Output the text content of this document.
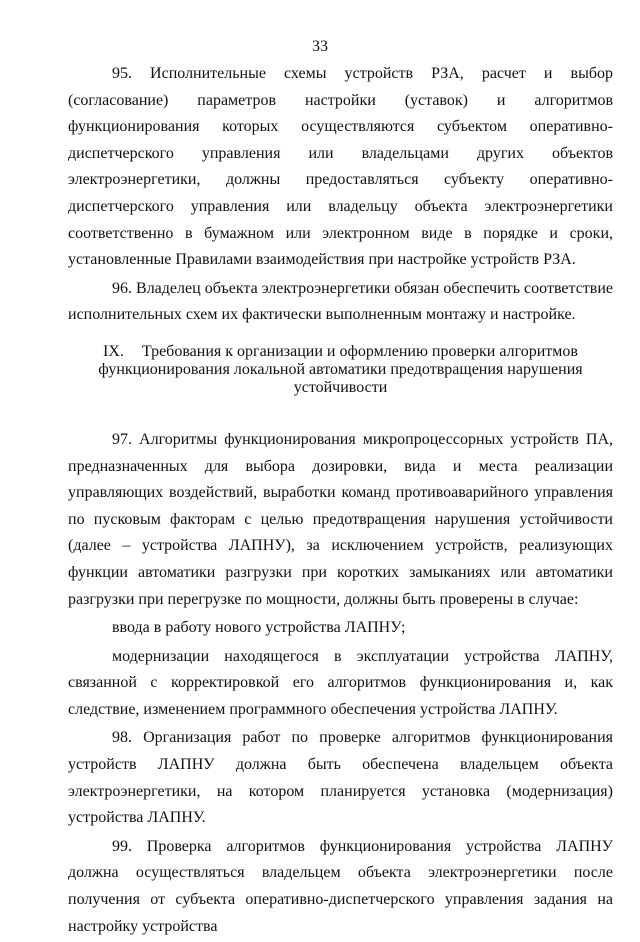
33

95. Исполнительные схемы устройств РЗА, расчет и выбор (согласование) параметров настройки (уставок) и алгоритмов функционирования которых осуществляются субъектом оперативно-диспетчерского управления или владельцами других объектов электроэнергетики, должны предоставляться субъекту оперативно-диспетчерского управления или владельцу объекта электроэнергетики соответственно в бумажном или электронном виде в порядке и сроки, установленные Правилами взаимодействия при настройке устройств РЗА.

96. Владелец объекта электроэнергетики обязан обеспечить соответствие исполнительных схем их фактически выполненным монтажу и настройке.

IX. Требования к организации и оформлению проверки алгоритмов
функционирования локальной автоматики предотвращения нарушения
устойчивости

97. Алгоритмы функционирования микропроцессорных устройств ПА, предназначенных для выбора дозировки, вида и места реализации управляющих воздействий, выработки команд противоаварийного управления по пусковым факторам с целью предотвращения нарушения устойчивости (далее – устройства ЛАПНУ), за исключением устройств, реализующих функции автоматики разгрузки при коротких замыканиях или автоматики разгрузки при перегрузке по мощности, должны быть проверены в случае:

ввода в работу нового устройства ЛАПНУ;

модернизации находящегося в эксплуатации устройства ЛАПНУ, связанной с корректировкой его алгоритмов функционирования и, как следствие, изменением программного обеспечения устройства ЛАПНУ.

98. Организация работ по проверке алгоритмов функционирования устройств ЛАПНУ должна быть обеспечена владельцем объекта электроэнергетики, на котором планируется установка (модернизация) устройства ЛАПНУ.

99. Проверка алгоритмов функционирования устройства ЛАПНУ должна осуществляться владельцем объекта электроэнергетики после получения от субъекта оперативно-диспетчерского управления задания на настройку устройства
